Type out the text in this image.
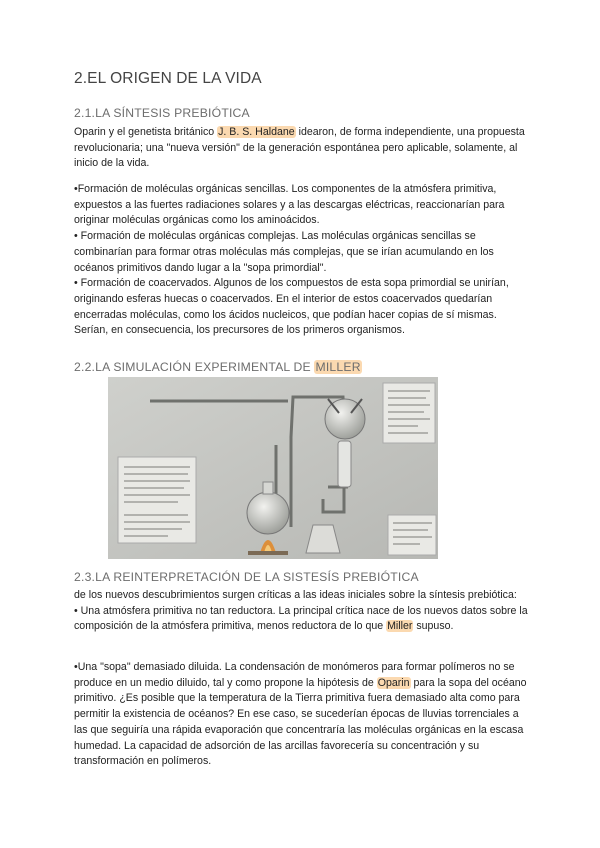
2.EL ORIGEN DE LA VIDA
2.1.LA SÍNTESIS PREBIÓTICA

Oparin y el genetista británico J. B. S. Haldane idearon, de forma independiente, una propuesta revolucionaria; una "nueva versión" de la generación espontánea pero aplicable, solamente, al inicio de la vida.

•Formación de moléculas orgánicas sencillas. Los componentes de la atmósfera primitiva, expuestos a las fuertes radiaciones solares y a las descargas eléctricas, reaccionarían para originar moléculas orgánicas como los aminoácidos.

• Formación de moléculas orgánicas complejas. Las moléculas orgánicas sencillas se combinarían para formar otras moléculas más complejas, que se irían acumulando en los océanos primitivos dando lugar a la "sopa primordial".

• Formación de coacervados. Algunos de los compuestos de esta sopa primordial se unirían, originando esferas huecas o coacervados. En el interior de estos coacervados quedarían encerradas moléculas, como los ácidos nucleicos, que podían hacer copias de sí mismas.

Serían, en consecuencia, los precursores de los primeros organismos.

2.2.LA SIMULACIÓN EXPERIMENTAL DE MILLER
2.3.LA REINTERPRETACIÓN DE LA SISTESÍS PREBIÓTICA

de los nuevos descubrimientos surgen críticas a las ideas iniciales sobre la síntesis prebiótica:

• Una atmósfera primitiva no tan reductora. La principal crítica nace de los nuevos datos sobre la composición de la atmósfera primitiva, menos reductora de lo que Miller supuso.

•Una "sopa" demasiado diluida. La condensación de monómeros para formar polímeros no se produce en un medio diluido, tal y como propone la hipótesis de Oparin para la sopa del océano primitivo. ¿Es posible que la temperatura de la Tierra primitiva fuera demasiado alta como para permitir la existencia de océanos? En ese caso, se sucederían épocas de lluvias torrenciales a las que seguiría una rápida evaporación que concentraría las moléculas orgánicas en la escasa humedad. La capacidad de adsorción de las arcillas favorecería su concentración y su transformación en polímeros.
